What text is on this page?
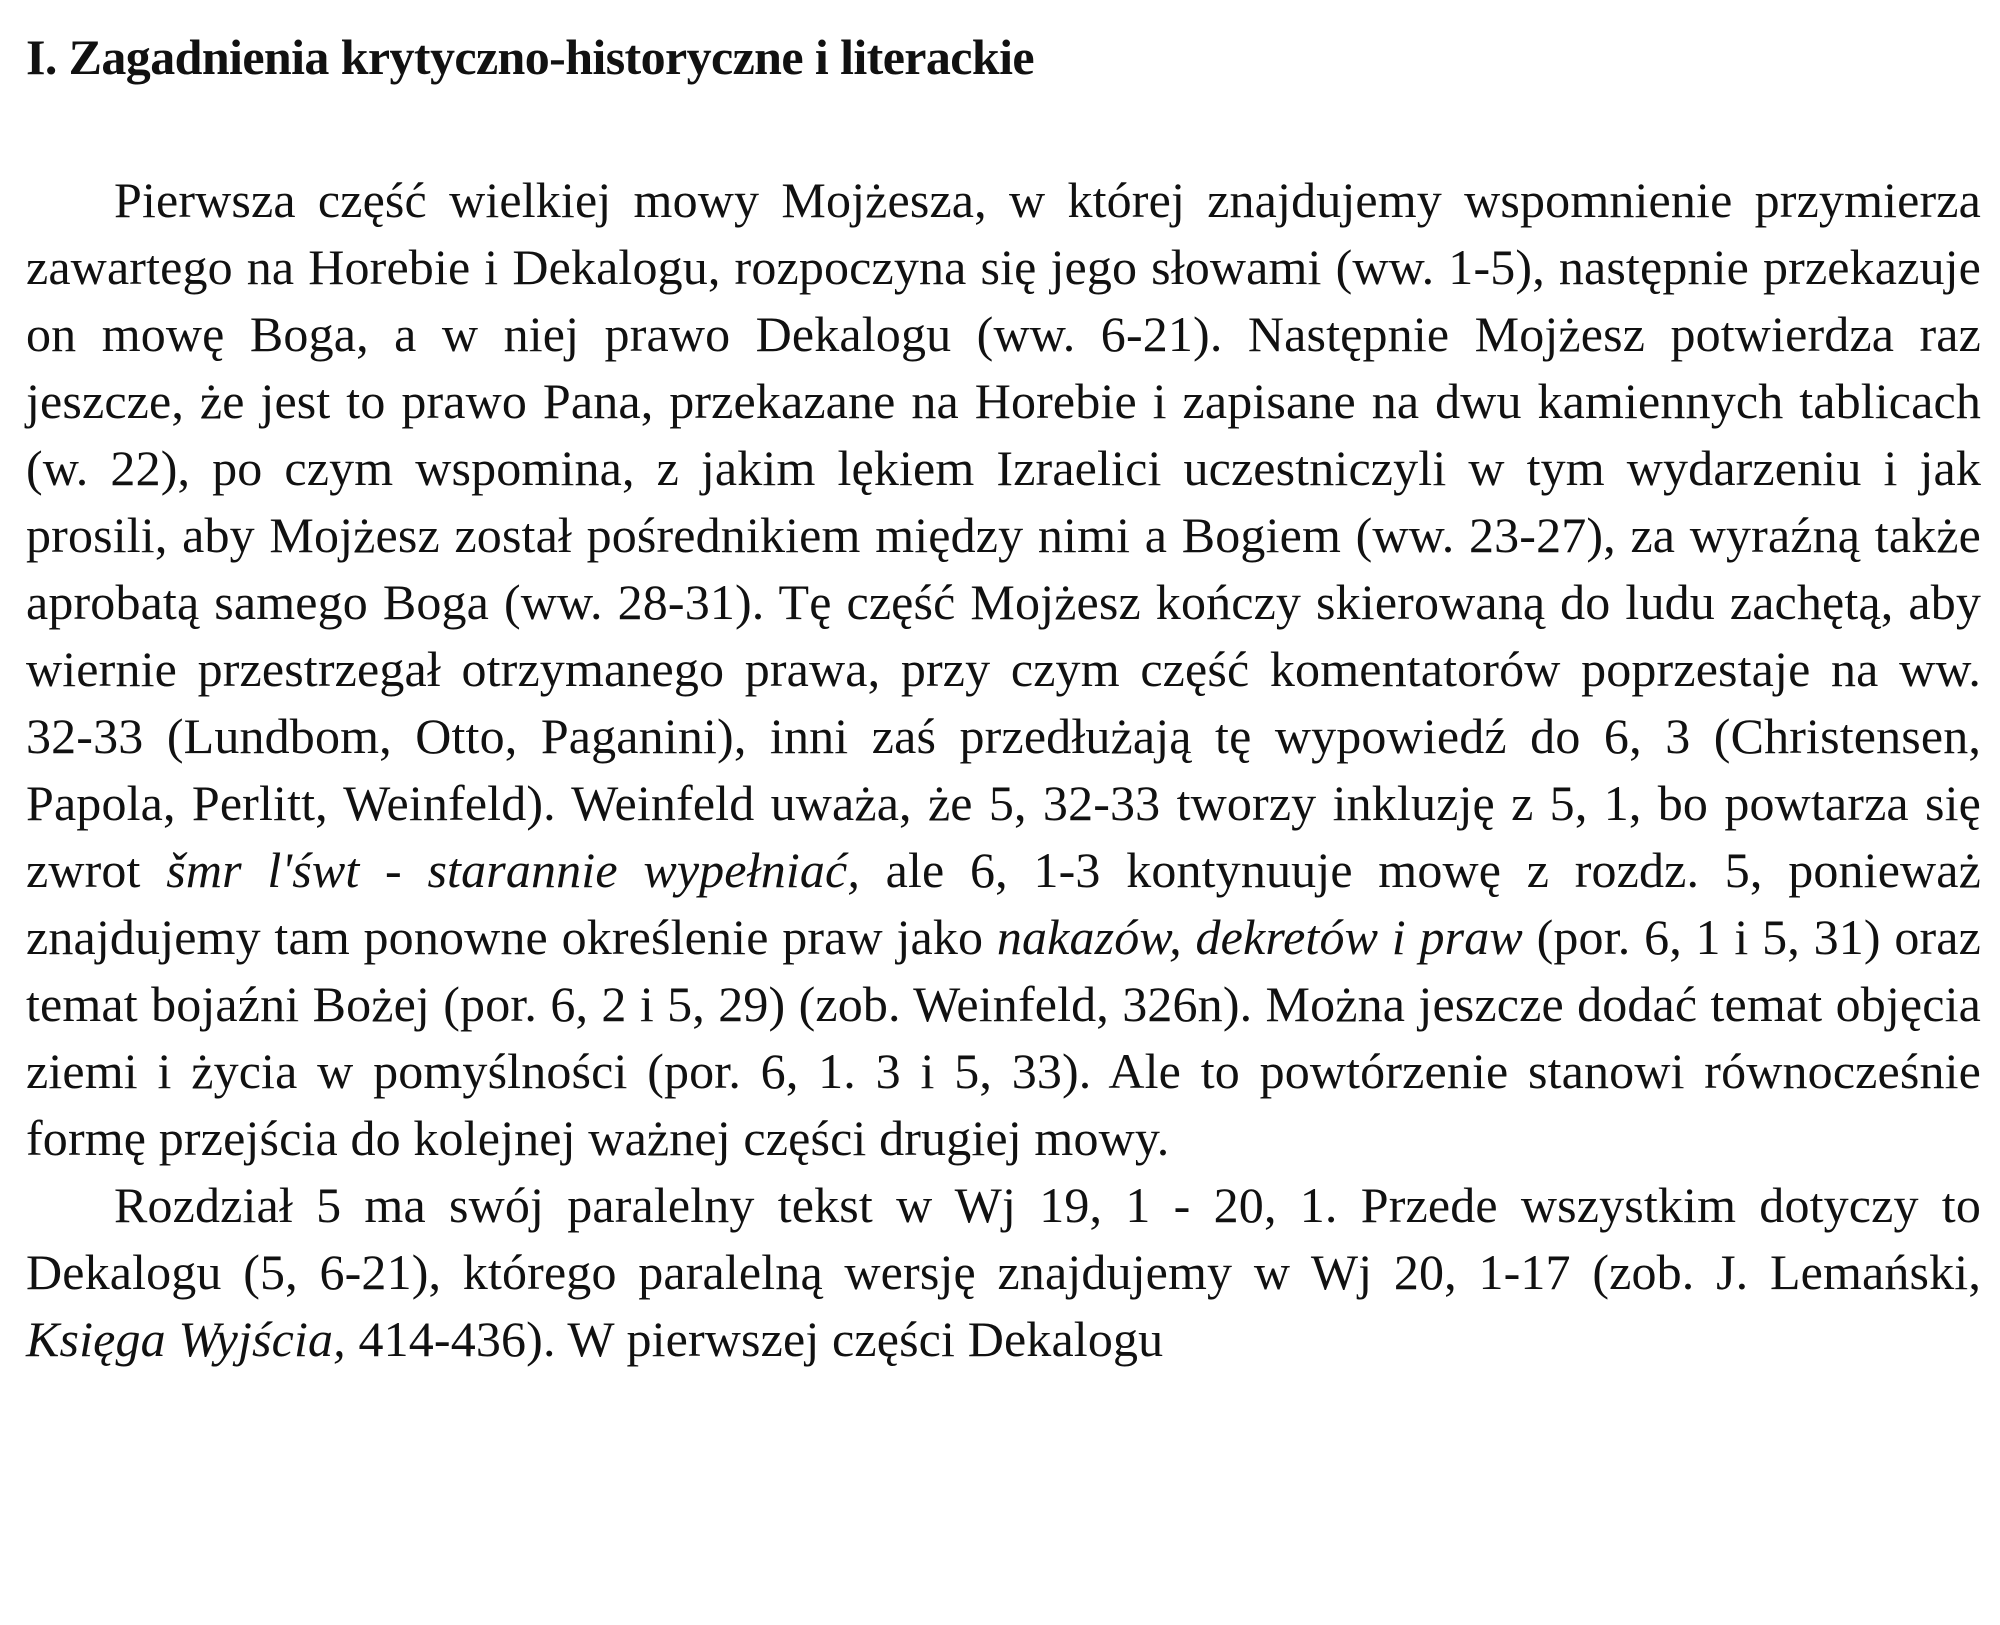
I. Zagadnienia krytyczno-historyczne i literackie

Pierwsza część wielkiej mowy Mojżesza, w której znajdujemy wspomnienie przymierza zawartego na Horebie i Dekalogu, rozpoczyna się jego słowami (ww. 1-5), następnie przekazuje on mowę Boga, a w niej prawo Dekalogu (ww. 6-21). Następnie Mojżesz potwierdza raz jeszcze, że jest to prawo Pana, przekazane na Horebie i zapisane na dwu kamiennych tablicach (w. 22), po czym wspomina, z jakim lękiem Izraelici uczestniczyli w tym wydarzeniu i jak prosili, aby Mojżesz został pośrednikiem między nimi a Bogiem (ww. 23-27), za wyraźną także aprobatą samego Boga (ww. 28-31). Tę część Mojżesz kończy skierowaną do ludu zachętą, aby wiernie przestrzegał otrzymanego prawa, przy czym część komentatorów poprzestaje na ww. 32-33 (Lundbom, Otto, Paganini), inni zaś przedłużają tę wypowiedź do 6, 3 (Christensen, Papola, Perlitt, Weinfeld). Weinfeld uważa, że 5, 32-33 tworzy inkluzję z 5, 1, bo powtarza się zwrot šmr l'śwt - starannie wypełniać, ale 6, 1-3 kontynuuje mowę z rozdz. 5, ponieważ znajdujemy tam ponowne określenie praw jako nakazów, dekretów i praw (por. 6, 1 i 5, 31) oraz temat bojaźni Bożej (por. 6, 2 i 5, 29) (zob. Weinfeld, 326n). Można jeszcze dodać temat objęcia ziemi i życia w pomyślności (por. 6, 1. 3 i 5, 33). Ale to powtórzenie stanowi równocześnie formę przejścia do kolejnej ważnej części drugiej mowy.

Rozdział 5 ma swój paralelny tekst w Wj 19, 1 - 20, 1. Przede wszystkim dotyczy to Dekalogu (5, 6-21), którego paralelną wersję znajdujemy w Wj 20, 1-17 (zob. J. Lemański, Księga Wyjścia, 414-436). W pierwszej części Dekalogu
